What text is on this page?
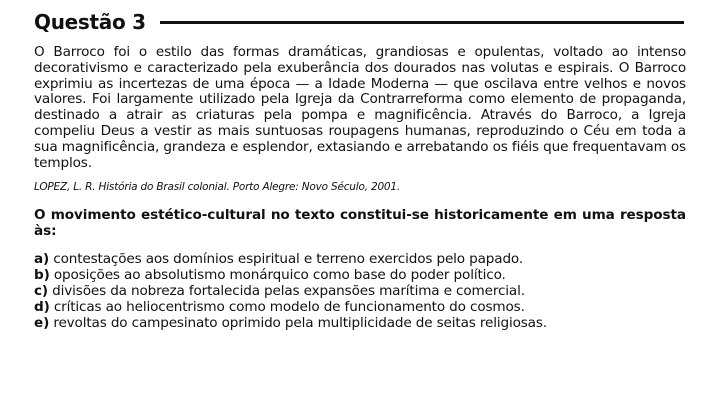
Questão 3

O Barroco foi o estilo das formas dramáticas, grandiosas e opulentas, voltado ao intenso decorativismo e caracterizado pela exuberância dos dourados nas volutas e espirais. O Barroco exprimiu as incertezas de uma época — a Idade Moderna — que oscilava entre velhos e novos valores. Foi largamente utilizado pela Igreja da Contrarreforma como elemento de propaganda, destinado a atrair as criaturas pela pompa e magnificência. Através do Barroco, a Igreja compeliu Deus a vestir as mais suntuosas roupagens humanas, reproduzindo o Céu em toda a sua magnificência, grandeza e esplendor, extasiando e arrebatando os fiéis que frequentavam os templos.

LOPEZ, L. R. História do Brasil colonial. Porto Alegre: Novo Século, 2001.

O movimento estético-cultural no texto constitui-se historicamente em uma resposta às:

a) contestações aos domínios espiritual e terreno exercidos pelo papado.
b) oposições ao absolutismo monárquico como base do poder político.
c) divisões da nobreza fortalecida pelas expansões marítima e comercial.
d) críticas ao heliocentrismo como modelo de funcionamento do cosmos.
e) revoltas do campesinato oprimido pela multiplicidade de seitas religiosas.
